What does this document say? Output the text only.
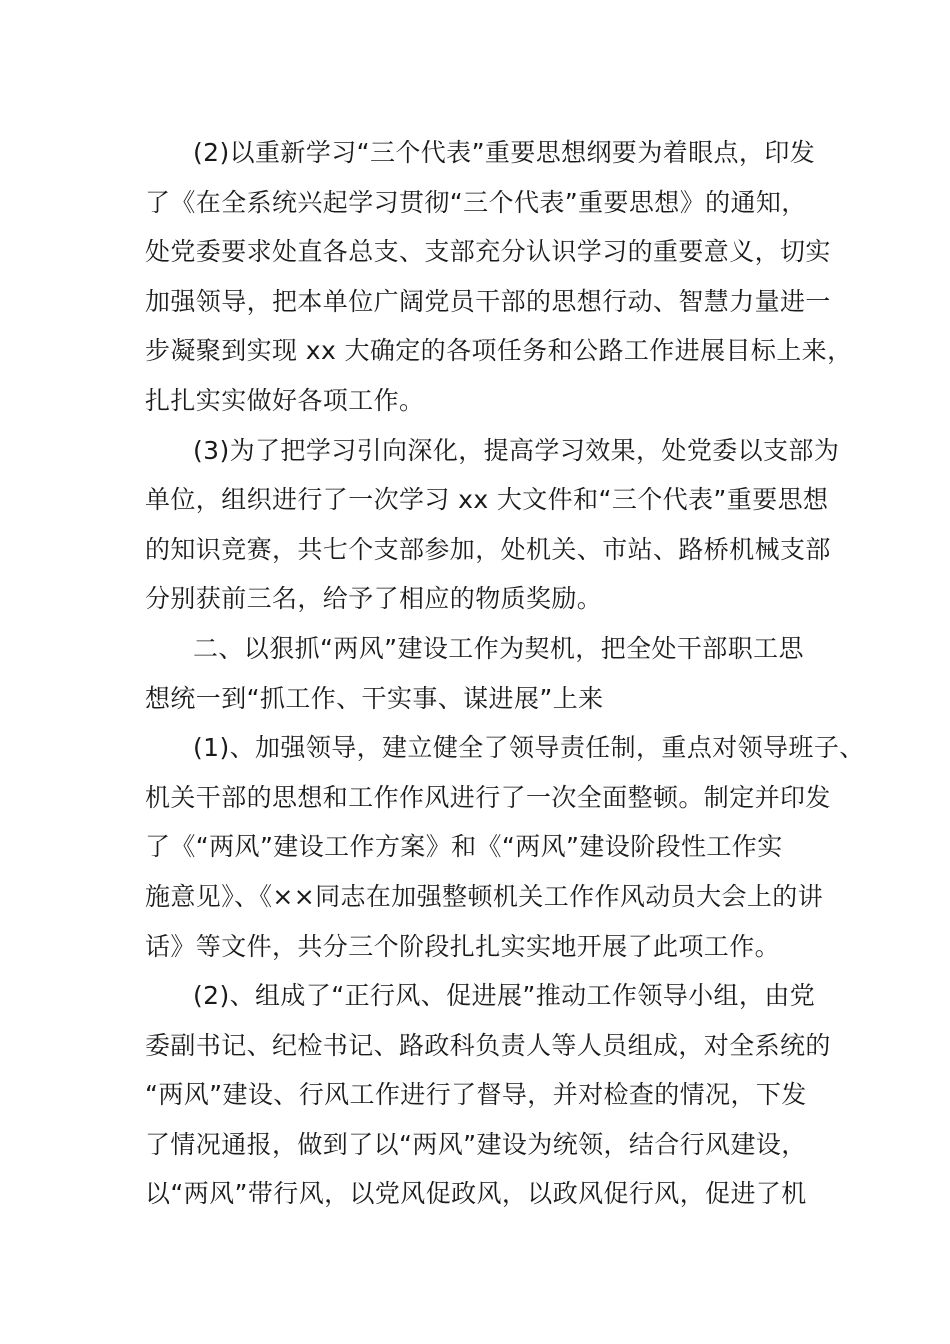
(2)以重新学习“三个代表”重要思想纲要为着眼点，印发
了《在全系统兴起学习贯彻“三个代表”重要思想》的通知，
处党委要求处直各总支、支部充分认识学习的重要意义，切实
加强领导，把本单位广阔党员干部的思想行动、智慧力量进一
步凝聚到实现 xx 大确定的各项任务和公路工作进展目标上来，
扎扎实实做好各项工作。
(3)为了把学习引向深化，提高学习效果，处党委以支部为
单位，组织进行了一次学习 xx 大文件和“三个代表”重要思想
的知识竞赛，共七个支部参加，处机关、市站、路桥机械支部
分别获前三名，给予了相应的物质奖励。
二、以狠抓“两风”建设工作为契机，把全处干部职工思
想统一到“抓工作、干实事、谋进展”上来
(1)、加强领导，建立健全了领导责任制，重点对领导班子、
机关干部的思想和工作作风进行了一次全面整顿。制定并印发
了《“两风”建设工作方案》和《“两风”建设阶段性工作实
施意见》、《××同志在加强整顿机关工作作风动员大会上的讲
话》等文件，共分三个阶段扎扎实实地开展了此项工作。
(2)、组成了“正行风、促进展”推动工作领导小组，由党
委副书记、纪检书记、路政科负责人等人员组成，对全系统的
“两风”建设、行风工作进行了督导，并对检查的情况，下发
了情况通报，做到了以“两风”建设为统领，结合行风建设，
以“两风”带行风，以党风促政风，以政风促行风，促进了机
